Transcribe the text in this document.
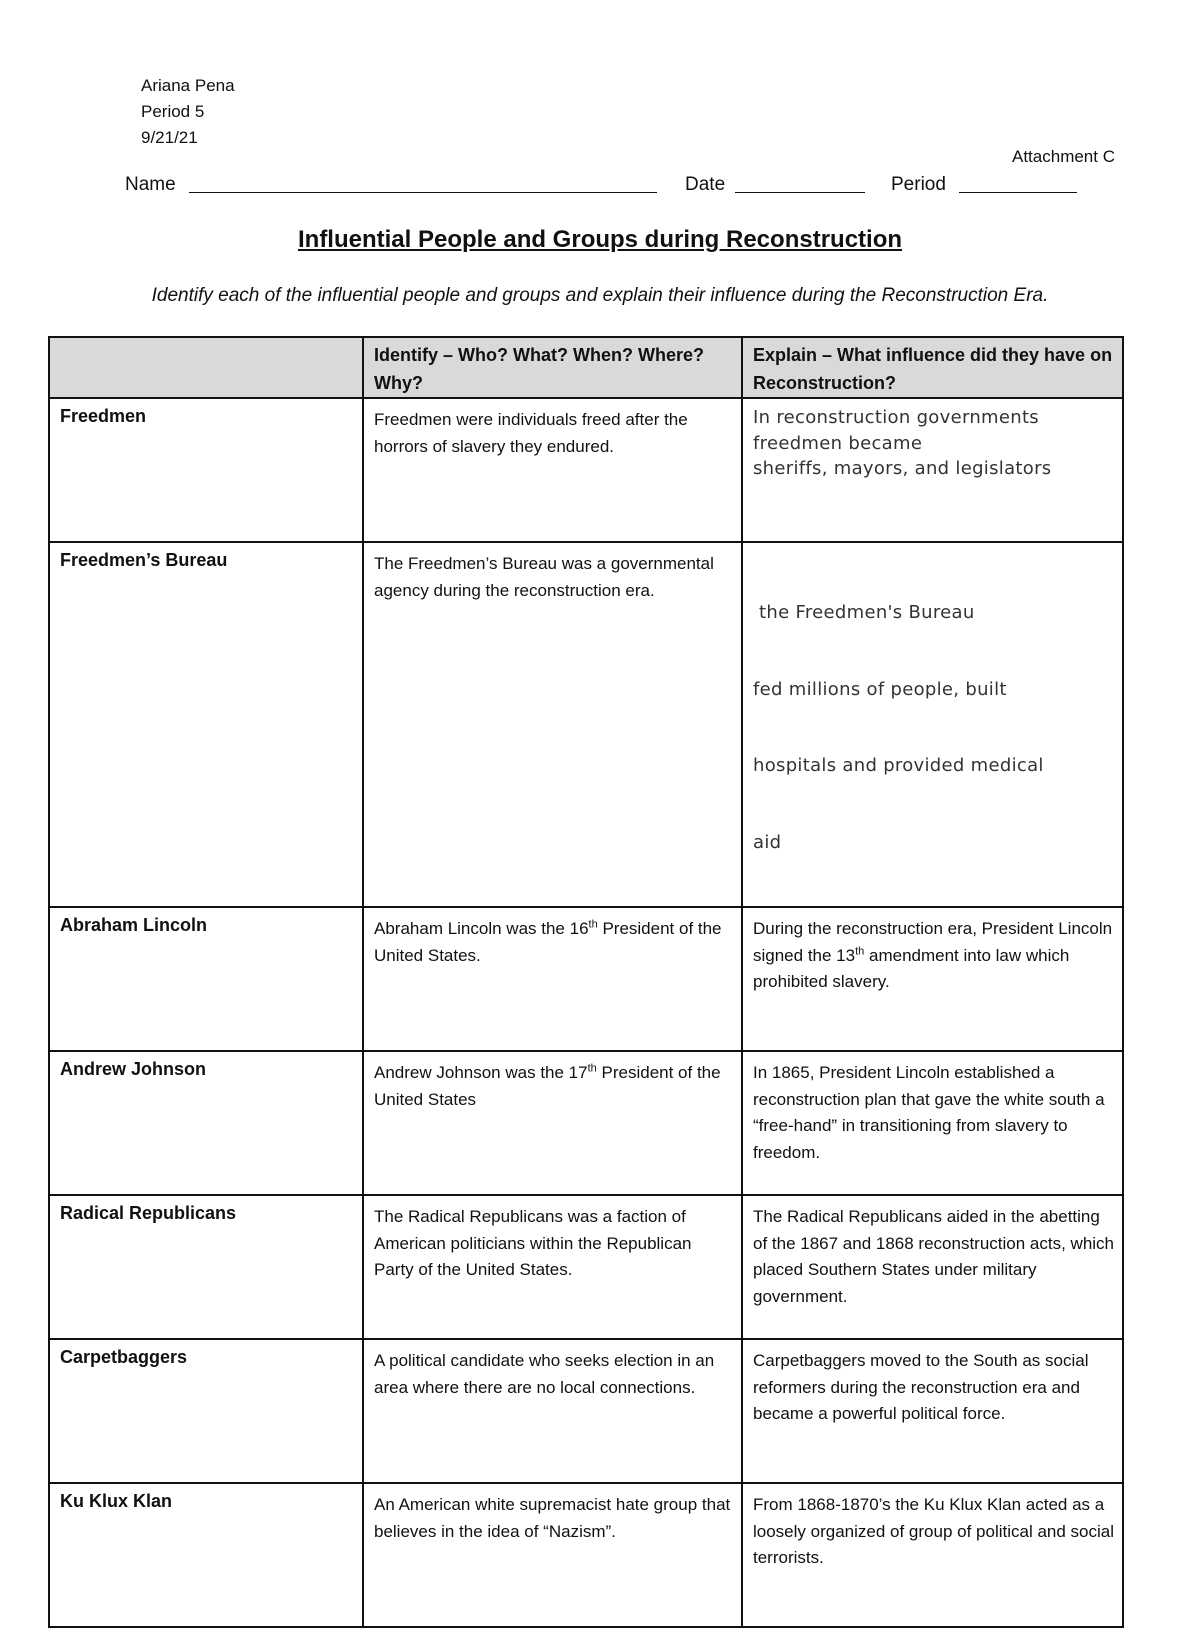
Ariana Pena
Period 5
9/21/21
Attachment C
Name	Date	Period
Influential People and Groups during Reconstruction
Identify each of the influential people and groups and explain their influence during the Reconstruction Era.

	Identify – Who? What? When? Where? Why?	Explain – What influence did they have on Reconstruction?

Freedmen	Freedmen were individuals freed after the horrors of slavery they endured.	In reconstruction governments
freedmen became
sheriffs, mayors, and legislators

Freedmen’s Bureau	The Freedmen’s Bureau was a governmental agency during the reconstruction era.	the Freedmen's Bureau

fed millions of people, built

hospitals and provided medical

aid

Abraham Lincoln	Abraham Lincoln was the 16th President of the United States.	During the reconstruction era, President Lincoln signed the 13th amendment into law which prohibited slavery.

Andrew Johnson	Andrew Johnson was the 17th President of the United States	In 1865, President Lincoln established a reconstruction plan that gave the white south a “free-hand” in transitioning from slavery to freedom.

Radical Republicans	The Radical Republicans was a faction of American politicians within the Republican Party of the United States.	The Radical Republicans aided in the abetting of the 1867 and 1868 reconstruction acts, which placed Southern States under military government.

Carpetbaggers	A political candidate who seeks election in an area where there are no local connections.	Carpetbaggers moved to the South as social reformers during the reconstruction era and became a powerful political force.

Ku Klux Klan	An American white supremacist hate group that believes in the idea of “Nazism”.	From 1868-1870’s the Ku Klux Klan acted as a loosely organized of group of political and social terrorists.
